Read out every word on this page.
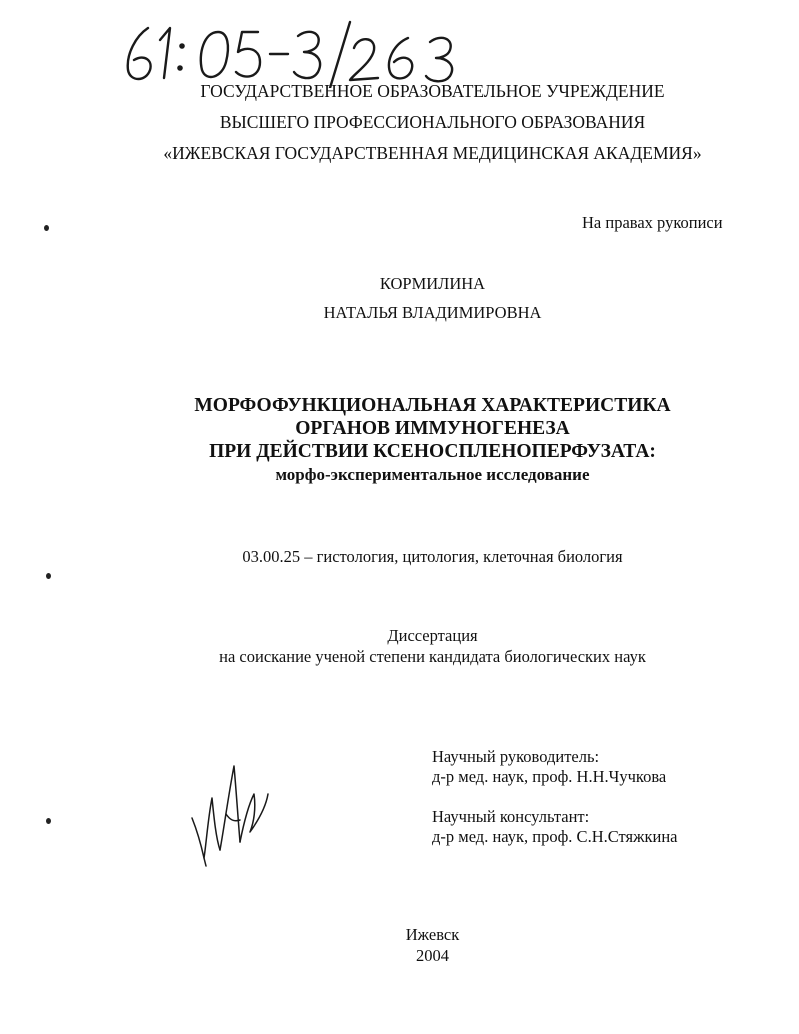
ГОСУДАРСТВЕННОЕ ОБРАЗОВАТЕЛЬНОЕ УЧРЕЖДЕНИЕ
ВЫСШЕГО ПРОФЕССИОНАЛЬНОГО ОБРАЗОВАНИЯ
«ИЖЕВСКАЯ ГОСУДАРСТВЕННАЯ МЕДИЦИНСКАЯ АКАДЕМИЯ»
На правах рукописи
КОРМИЛИНА
НАТАЛЬЯ ВЛАДИМИРОВНА
МОРФОФУНКЦИОНАЛЬНАЯ ХАРАКТЕРИСТИКА
ОРГАНОВ ИММУНОГЕНЕЗА
ПРИ ДЕЙСТВИИ КСЕНОСПЛЕНОПЕРФУЗАТА:
морфо-экспериментальное исследование
03.00.25 – гистология, цитология, клеточная биология
Диссертация
на соискание ученой степени кандидата биологических наук
Научный руководитель:
д-р мед. наук, проф. Н.Н.Чучкова
Научный консультант:
д-р мед. наук, проф. С.Н.Стяжкина
Ижевск
2004
